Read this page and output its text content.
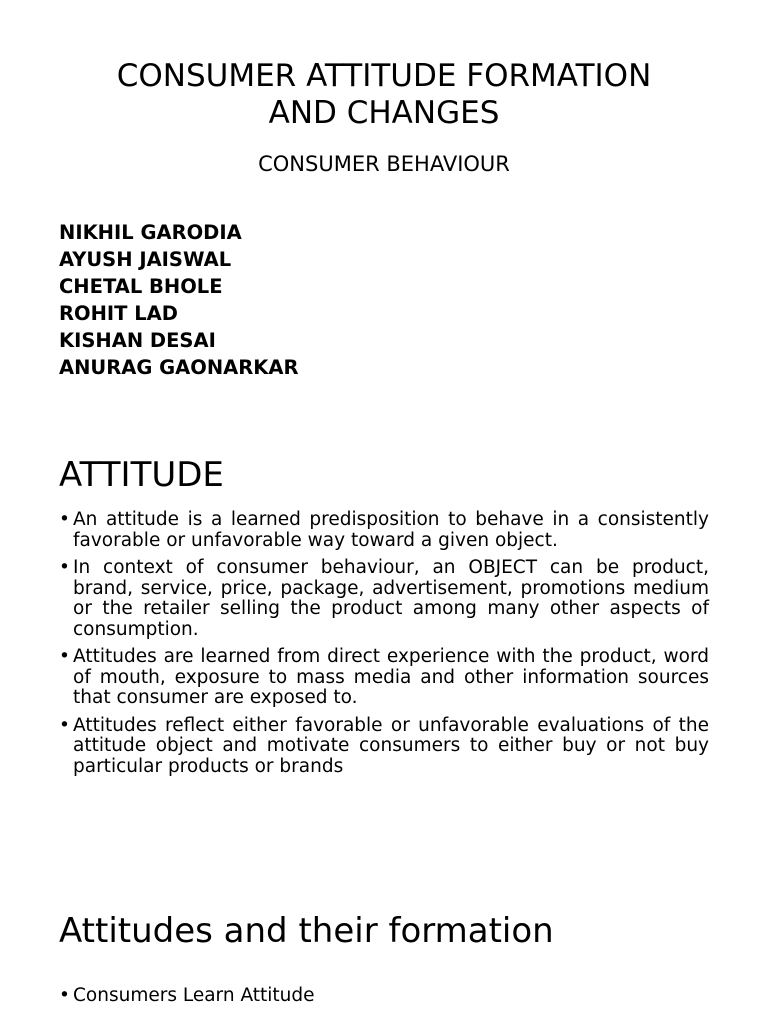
CONSUMER ATTITUDE FORMATION
AND CHANGES

CONSUMER BEHAVIOUR

NIKHIL GARODIA
AYUSH JAISWAL
CHETAL BHOLE
ROHIT LAD
KISHAN DESAI
ANURAG GAONARKAR
ATTITUDE
• An attitude is a learned predisposition to behave in a consistently favorable or unfavorable way toward a given object.
• In context of consumer behaviour, an OBJECT can be product, brand, service, price, package, advertisement, promotions medium or the retailer selling the product among many other aspects of consumption.
• Attitudes are learned from direct experience with the product, word of mouth, exposure to mass media and other information sources that consumer are exposed to.
• Attitudes reflect either favorable or unfavorable evaluations of the attitude object and motivate consumers to either buy or not buy particular products or brands
Attitudes and their formation
• Consumers Learn Attitude
